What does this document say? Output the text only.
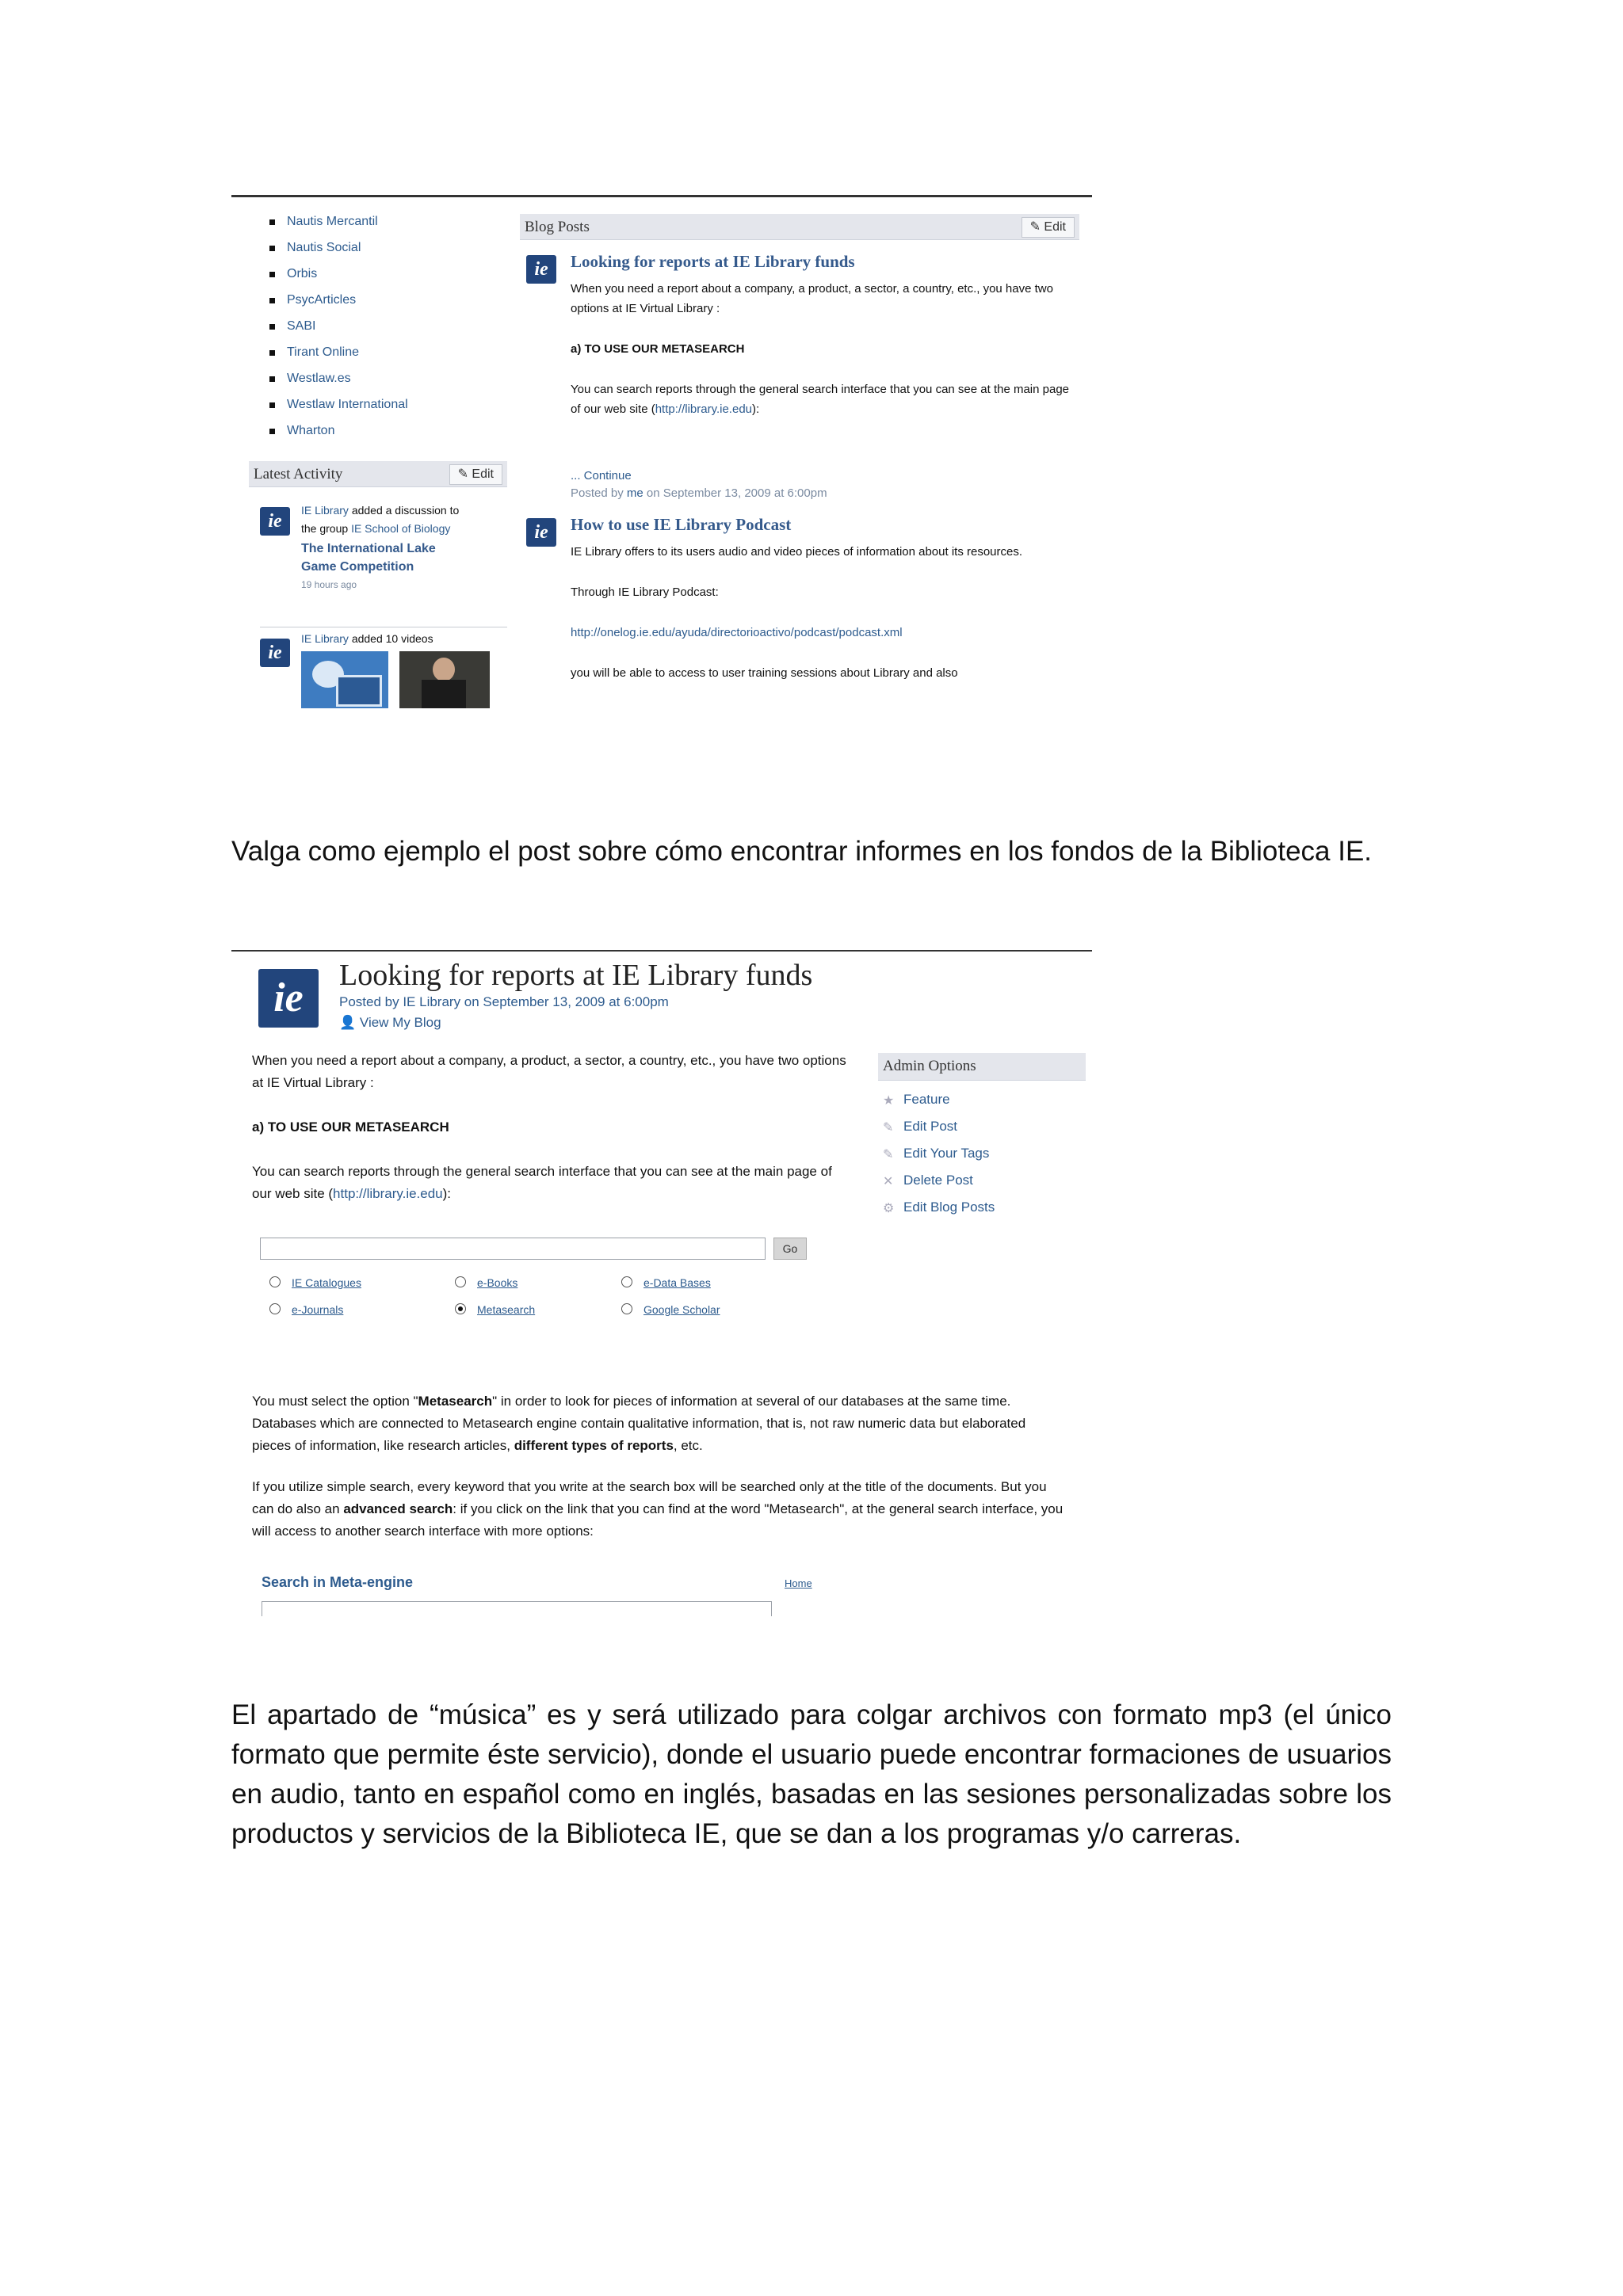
Nautis Mercantil
Nautis Social
Orbis
PsycArticles
SABI
Tirant Online
Westlaw.es
Westlaw International
Wharton
Latest Activity	✎ Edit
ie
IE Library added a discussion to the group IE School of Biology
The International Lake Game Competition
19 hours ago
ie
IE Library added 10 videos
Blog Posts	✎ Edit
ie	Looking for reports at IE Library funds
When you need a report about a company, a product, a sector, a country, etc., you have two options at IE Virtual Library :
a) TO USE OUR METASEARCH
You can search reports through the general search interface that you can see at the main page of our web site (http://library.ie.edu):
... Continue
Posted by me on September 13, 2009 at 6:00pm
ie	How to use IE Library Podcast
IE Library offers to its users audio and video pieces of information about its resources.
Through IE Library Podcast:
http://onelog.ie.edu/ayuda/directorioactivo/podcast/podcast.xml
you will be able to access to user training sessions about Library and also
Valga como ejemplo el post sobre cómo encontrar informes en los fondos de la Biblioteca IE.
ie	Looking for reports at IE Library funds
Posted by IE Library on September 13, 2009 at 6:00pm
👤 View My Blog
When you need a report about a company, a product, a sector, a country, etc., you have two options at IE Virtual Library :
a) TO USE OUR METASEARCH
You can search reports through the general search interface that you can see at the main page of our web site (http://library.ie.edu):
Go
IE Catalogues	e-Books	e-Data Bases
e-Journals	Metasearch	Google Scholar
Admin Options
★ Feature
✎ Edit Post
✎ Edit Your Tags
✕ Delete Post
⚙ Edit Blog Posts
You must select the option "Metasearch" in order to look for pieces of information at several of our databases at the same time. Databases which are connected to Metasearch engine contain qualitative information, that is, not raw numeric data but elaborated pieces of information, like research articles, different types of reports, etc.
If you utilize simple search, every keyword that you write at the search box will be searched only at the title of the documents. But you can do also an advanced search: if you click on the link that you can find at the word "Metasearch", at the general search interface, you will access to another search interface with more options:
Search in Meta-engine	Home
El apartado de “música” es y será utilizado para colgar archivos con formato mp3 (el único formato que permite éste servicio), donde el usuario puede encontrar formaciones de usuarios en audio, tanto en español como en inglés, basadas en las sesiones personalizadas sobre los productos y servicios de la Biblioteca IE, que se dan a los programas y/o carreras.
